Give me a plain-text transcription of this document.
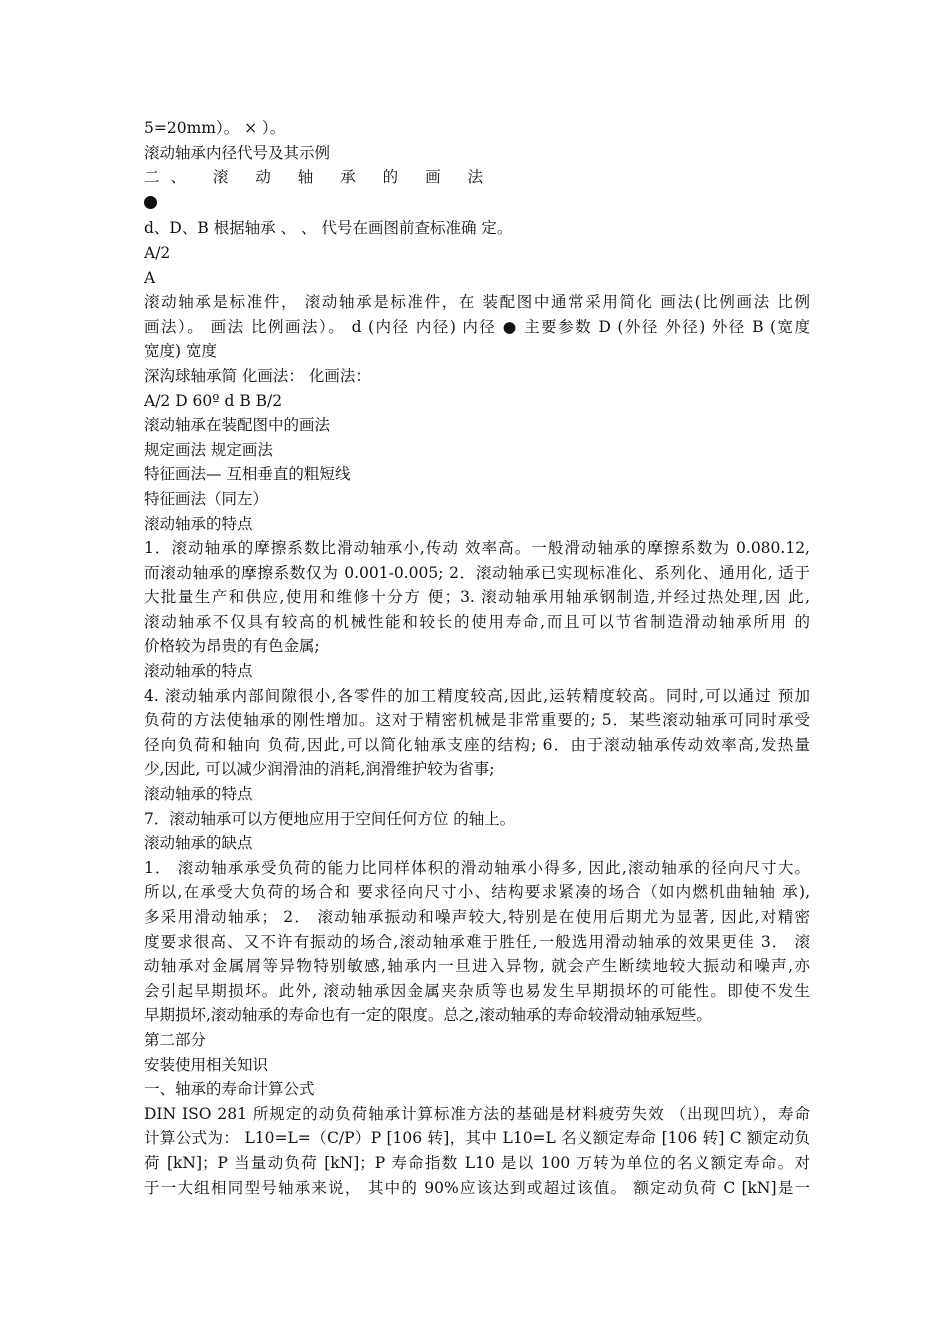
5=20mm）。 × ）。
滚动轴承内径代号及其示例
二、 滚 动 轴 承 的 画 法
d、D、B 根据轴承 、 、 代号在画图前查标准确 定。
A/2
A
滚动轴承是标准件， 滚动轴承是标准件，在 装配图中通常采用简化 画法(比例画法 比例
画法）。 画法 比例画法）。 d (内径 内径) 内径 ● 主要参数 D (外径 外径) 外径 B (宽度
宽度) 宽度
深沟球轴承简 化画法： 化画法：
A/2 D 60º d B B/2
滚动轴承在装配图中的画法
规定画法 规定画法
特征画法— 互相垂直的粗短线
特征画法（同左）
滚动轴承的特点
1．滚动轴承的摩擦系数比滑动轴承小,传动 效率高。一般滑动轴承的摩擦系数为 0.080.12,
而滚动轴承的摩擦系数仅为 0.001-0.005; 2．滚动轴承已实现标准化、系列化、通用化, 适于
大批量生产和供应,使用和维修十分方 便；3. 滚动轴承用轴承钢制造,并经过热处理,因 此,
滚动轴承不仅具有较高的机械性能和较长的使用寿命,而且可以节省制造滑动轴承所用 的
价格较为昂贵的有色金属;
滚动轴承的特点
4. 滚动轴承内部间隙很小,各零件的加工精度较高,因此,运转精度较高。同时,可以通过 预加
负荷的方法使轴承的刚性增加。这对于精密机械是非常重要的; 5．某些滚动轴承可同时承受
径向负荷和轴向 负荷,因此,可以简化轴承支座的结构; 6．由于滚动轴承传动效率高,发热量
少,因此, 可以减少润滑油的消耗,润滑维护较为省事;
滚动轴承的特点
7．滚动轴承可以方便地应用于空间任何方位 的轴上。
滚动轴承的缺点
1． 滚动轴承承受负荷的能力比同样体积的滑动轴承小得多, 因此,滚动轴承的径向尺寸大。
所以,在承受大负荷的场合和 要求径向尺寸小、结构要求紧凑的场合（如内燃机曲轴轴 承),
多采用滑动轴承； 2． 滚动轴承振动和噪声较大,特别是在使用后期尤为显著, 因此,对精密
度要求很高、又不许有振动的场合,滚动轴承难于胜任,一般选用滑动轴承的效果更佳 3． 滚
动轴承对金属屑等异物特别敏感,轴承内一旦进入异物, 就会产生断续地较大振动和噪声,亦
会引起早期损坏。此外, 滚动轴承因金属夹杂质等也易发生早期损坏的可能性。即使不发生
早期损坏,滚动轴承的寿命也有一定的限度。总之,滚动轴承的寿命较滑动轴承短些。
第二部分
安装使用相关知识
一、轴承的寿命计算公式
DIN ISO 281 所规定的动负荷轴承计算标准方法的基础是材料疲劳失效 （出现凹坑），寿命
计算公式为： L10=L=（C/P）P [106 转]，其中 L10=L 名义额定寿命 [106 转] C 额定动负
荷 [kN]；P 当量动负荷 [kN]；P 寿命指数 L10 是以 100 万转为单位的名义额定寿命。对
于一大组相同型号轴承来说， 其中的 90%应该达到或超过该值。 额定动负荷 C [kN]是一
